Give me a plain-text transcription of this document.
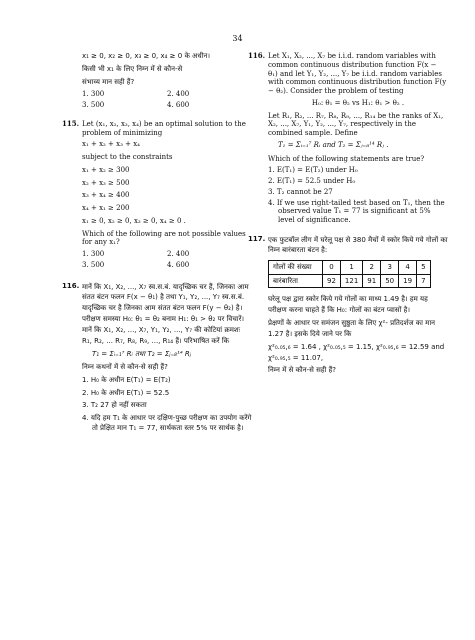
34
x₁ ≥ 0, x₂ ≥ 0, x₃ ≥ 0, x₄ ≥ 0 के अधीन।
किसी भी x₁ के लिए निम्न में से कौन-से
संभाव्य मान सही हैं?
1. 300	2. 400
3. 500	4. 600
115. Let (x₁, x₂, x₃, x₄) be an optimal solution to the problem of minimizing
x₁ + x₂ + x₃ + x₄
subject to the constraints
x₁ + x₂ ≥ 300
x₂ + x₃ ≥ 500
x₃ + x₄ ≥ 400
x₄ + x₁ ≥ 200
x₁ ≥ 0, x₂ ≥ 0, x₃ ≥ 0, x₄ ≥ 0 .
Which of the following are not possible values for any x₁?
1. 300	2. 400
3. 500	4. 600
116. मानें कि X₁, X₂, ..., X₇ स्व.स.बं. यादृच्छिक चर हैं, जिनका आम संतत बंटन फलन F(x − θ₁) है तथा Y₁, Y₂, ..., Y₇ स्व.स.बं. यादृच्छिक चर है जिनका आम संतत बंटन फलन F(y − θ₂) है। परीक्षण समस्या H₀: θ₁ = θ₂ बनाम H₁: θ₁ > θ₂ पर विचारें। मानें कि X₁, X₂, ..., X₇, Y₁, Y₂, ..., Y₇ की कोटियां क्रमशः R₁, R₂, ... R₇, R₈, R₉, ..., R₁₄ हैं। परिभाषित करें कि
T₁ = Σᵢ₌₁⁷ Rᵢ तथा T₂ = Σⱼ₌₈¹⁴ Rⱼ
निम्न कथनों में से कौन-से सही हैं?
1. H₀ के अधीन E(T₁) = E(T₂)
2. H₀ के अधीन E(T₁) = 52.5
3. T₂ 27 हो नहीं सकता
4. यदि हम T₁ के आधार पर दक्षिण-पुच्छ परीक्षण का उपयोग करेंगे तो प्रेक्षित मान T₁ = 77, सार्थकता स्तर 5% पर सार्थक है।
116. Let X₁, X₂, ..., X₇ be i.i.d. random variables with common continuous distribution function F(x − θ₁) and let Y₁, Y₂, ..., Y₇ be i.i.d. random variables with common continuous distribution function F(y − θ₂). Consider the problem of testing
H₀: θ₁ = θ₂ vs H₁: θ₁ > θ₂ .
Let R₁, R₂, ... R₇, R₈, R₉, ..., R₁₄ be the ranks of X₁, X₂, ..., X₇, Y₁, Y₂, ..., Y₇, respectively in the combined sample. Define
T₁ = Σᵢ₌₁⁷ Rᵢ and T₂ = Σⱼ₌₈¹⁴ Rⱼ .
Which of the following statements are true?
1. E(T₁) = E(T₂) under H₀
2. E(T₁) = 52.5 under H₀
3. T₂ cannot be 27
4. If we use right-tailed test based on T₁, then the observed value T₁ = 77 is significant at 5% level of significance.
117. एक फुटबॉल लीग में घरेलू पक्ष से 380 मैचों में स्कोर किये गये गोलों का निम्न बारंबारता बंटन है:
गोलों की संख्या	0	1	2	3	4	5
बारंबारिता	92	121	91	50	19	7
घरेलू पक्ष द्वारा स्कोर किये गये गोलों का माध्य 1.49 है। हम यह परीक्षण करना चाहते हैं कि H₀: गोलों का बंटन प्वासों है।
प्रेक्षणों के आधार पर समंजन सुष्ठुता के लिए χ²- प्रतिदर्शज का मान 1.27 है। इसके दिये जाने पर कि
χ²₀.₀₅,₆ = 1.64 , χ²₀.₀₅,₅ = 1.15, χ²₀.₉₅,₆ = 12.59 and χ²₀.₉₅,₅ = 11.07,
निम्न में से कौन-से सही हैं?
